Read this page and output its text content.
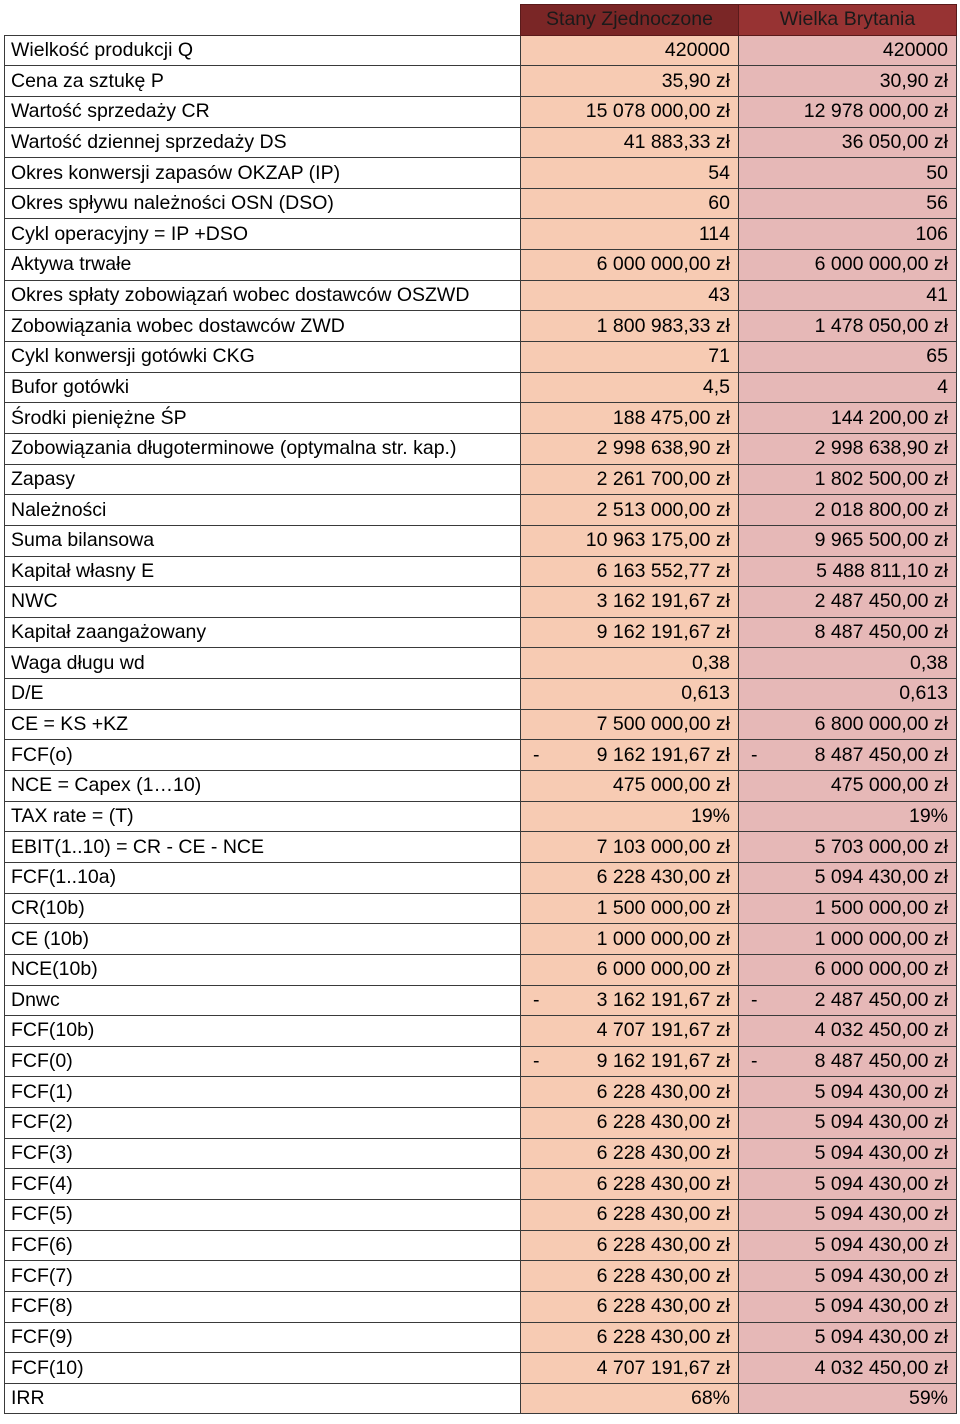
	Stany Zjednoczone	Wielka Brytania
Wielkość produkcji Q	420000	420000

Cena za sztukę P	35,90 zł	30,90 zł

Wartość sprzedaży CR	15 078 000,00 zł	12 978 000,00 zł

Wartość dziennej sprzedaży DS	41 883,33 zł	36 050,00 zł

Okres konwersji zapasów OKZAP (IP)	54	50

Okres spływu należności OSN (DSO)	60	56

Cykl operacyjny = IP +DSO	114	106

Aktywa trwałe	6 000 000,00 zł	6 000 000,00 zł

Okres spłaty zobowiązań wobec dostawców OSZWD	43	41

Zobowiązania wobec dostawców ZWD	1 800 983,33 zł	1 478 050,00 zł

Cykl konwersji gotówki CKG	71	65

Bufor gotówki	4,5	4

Środki pieniężne ŚP	188 475,00 zł	144 200,00 zł

Zobowiązania długoterminowe (optymalna str. kap.)	2 998 638,90 zł	2 998 638,90 zł

Zapasy	2 261 700,00 zł	1 802 500,00 zł

Należności	2 513 000,00 zł	2 018 800,00 zł

Suma bilansowa	10 963 175,00 zł	9 965 500,00 zł

Kapitał własny E	6 163 552,77 zł	5 488 811,10 zł

NWC	3 162 191,67 zł	2 487 450,00 zł

Kapitał zaangażowany	9 162 191,67 zł	8 487 450,00 zł

Waga długu wd	0,38	0,38

D/E	0,613	0,613

CE = KS +KZ	7 500 000,00 zł	6 800 000,00 zł

FCF(o)	- 9 162 191,67 zł	- 8 487 450,00 zł

NCE = Capex (1…10)	475 000,00 zł	475 000,00 zł

TAX rate = (T)	19%	19%

EBIT(1..10) = CR - CE - NCE	7 103 000,00 zł	5 703 000,00 zł

FCF(1..10a)	6 228 430,00 zł	5 094 430,00 zł

CR(10b)	1 500 000,00 zł	1 500 000,00 zł

CE (10b)	1 000 000,00 zł	1 000 000,00 zł

NCE(10b)	6 000 000,00 zł	6 000 000,00 zł

Dnwc	- 3 162 191,67 zł	- 2 487 450,00 zł

FCF(10b)	4 707 191,67 zł	4 032 450,00 zł

FCF(0)	- 9 162 191,67 zł	- 8 487 450,00 zł

FCF(1)	6 228 430,00 zł	5 094 430,00 zł

FCF(2)	6 228 430,00 zł	5 094 430,00 zł

FCF(3)	6 228 430,00 zł	5 094 430,00 zł

FCF(4)	6 228 430,00 zł	5 094 430,00 zł

FCF(5)	6 228 430,00 zł	5 094 430,00 zł

FCF(6)	6 228 430,00 zł	5 094 430,00 zł

FCF(7)	6 228 430,00 zł	5 094 430,00 zł

FCF(8)	6 228 430,00 zł	5 094 430,00 zł

FCF(9)	6 228 430,00 zł	5 094 430,00 zł

FCF(10)	4 707 191,67 zł	4 032 450,00 zł

IRR	68%	59%
